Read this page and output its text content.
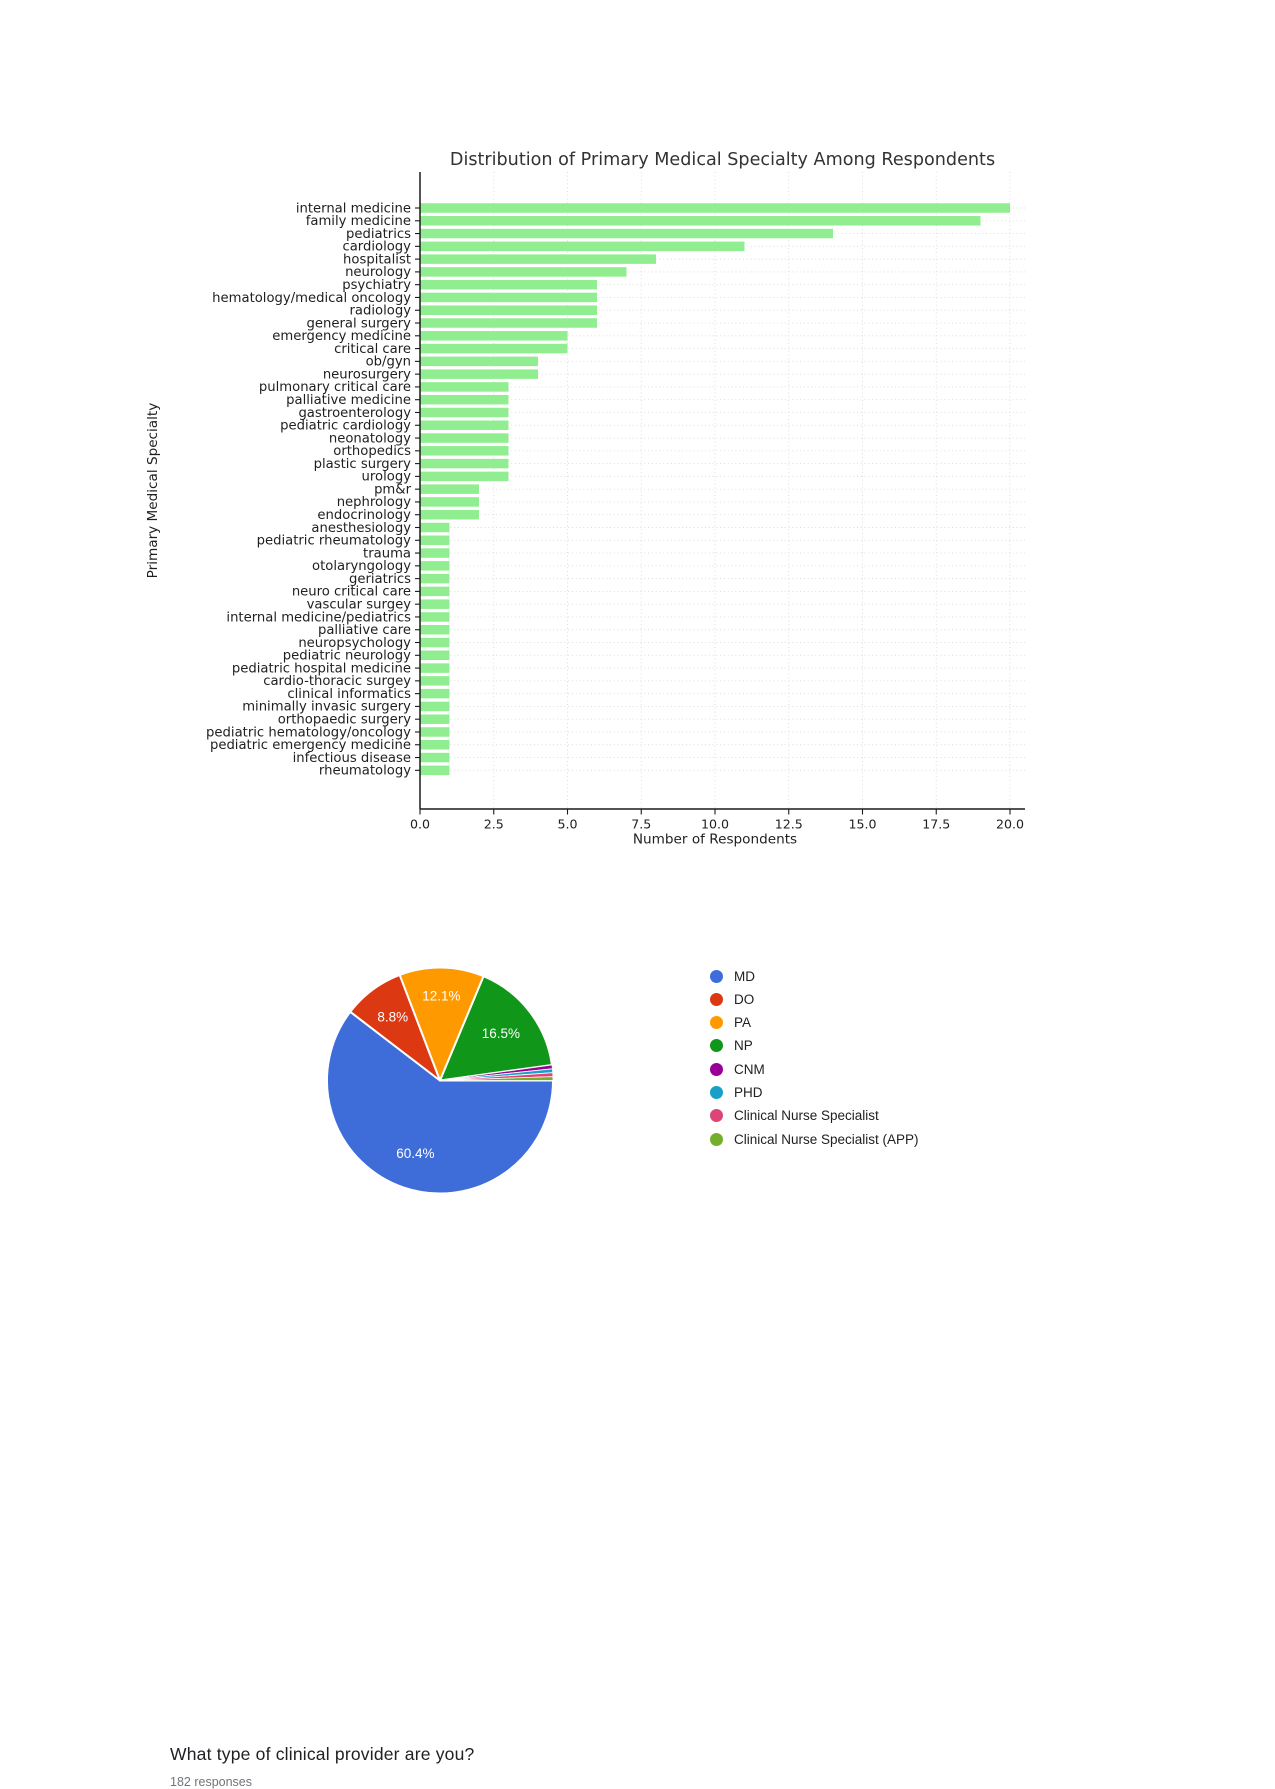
internal medicine
family medicine
pediatrics
cardiology
hospitalist
neurology
psychiatry
hematology/medical oncology
radiology
general surgery
emergency medicine
critical care
ob/gyn
neurosurgery
pulmonary critical care
palliative medicine
gastroenterology
pediatric cardiology
neonatology
orthopedics
plastic surgery
urology
pm&r
nephrology
endocrinology
anesthesiology
pediatric rheumatology
trauma
otolaryngology
geriatrics
neuro critical care
vascular surgey
internal medicine/pediatrics
palliative care
neuropsychology
pediatric neurology
pediatric hospital medicine
cardio-thoracic surgey
clinical informatics
minimally invasic surgery
orthopaedic surgery
pediatric hematology/oncology
pediatric emergency medicine
infectious disease
rheumatology
0.0	2.5	5.0	7.5	10.0	12.5	15.0	17.5	20.0
Distribution of Primary Medical Specialty Among Respondents
Number of Respondents
Primary Medical Specialty
What type of clinical provider are you?
182 responses
60.4%
8.8%
12.1%
16.5%
MD
DO
PA
NP
CNM
PHD
Clinical Nurse Specialist
Clinical Nurse Specialist (APP)
